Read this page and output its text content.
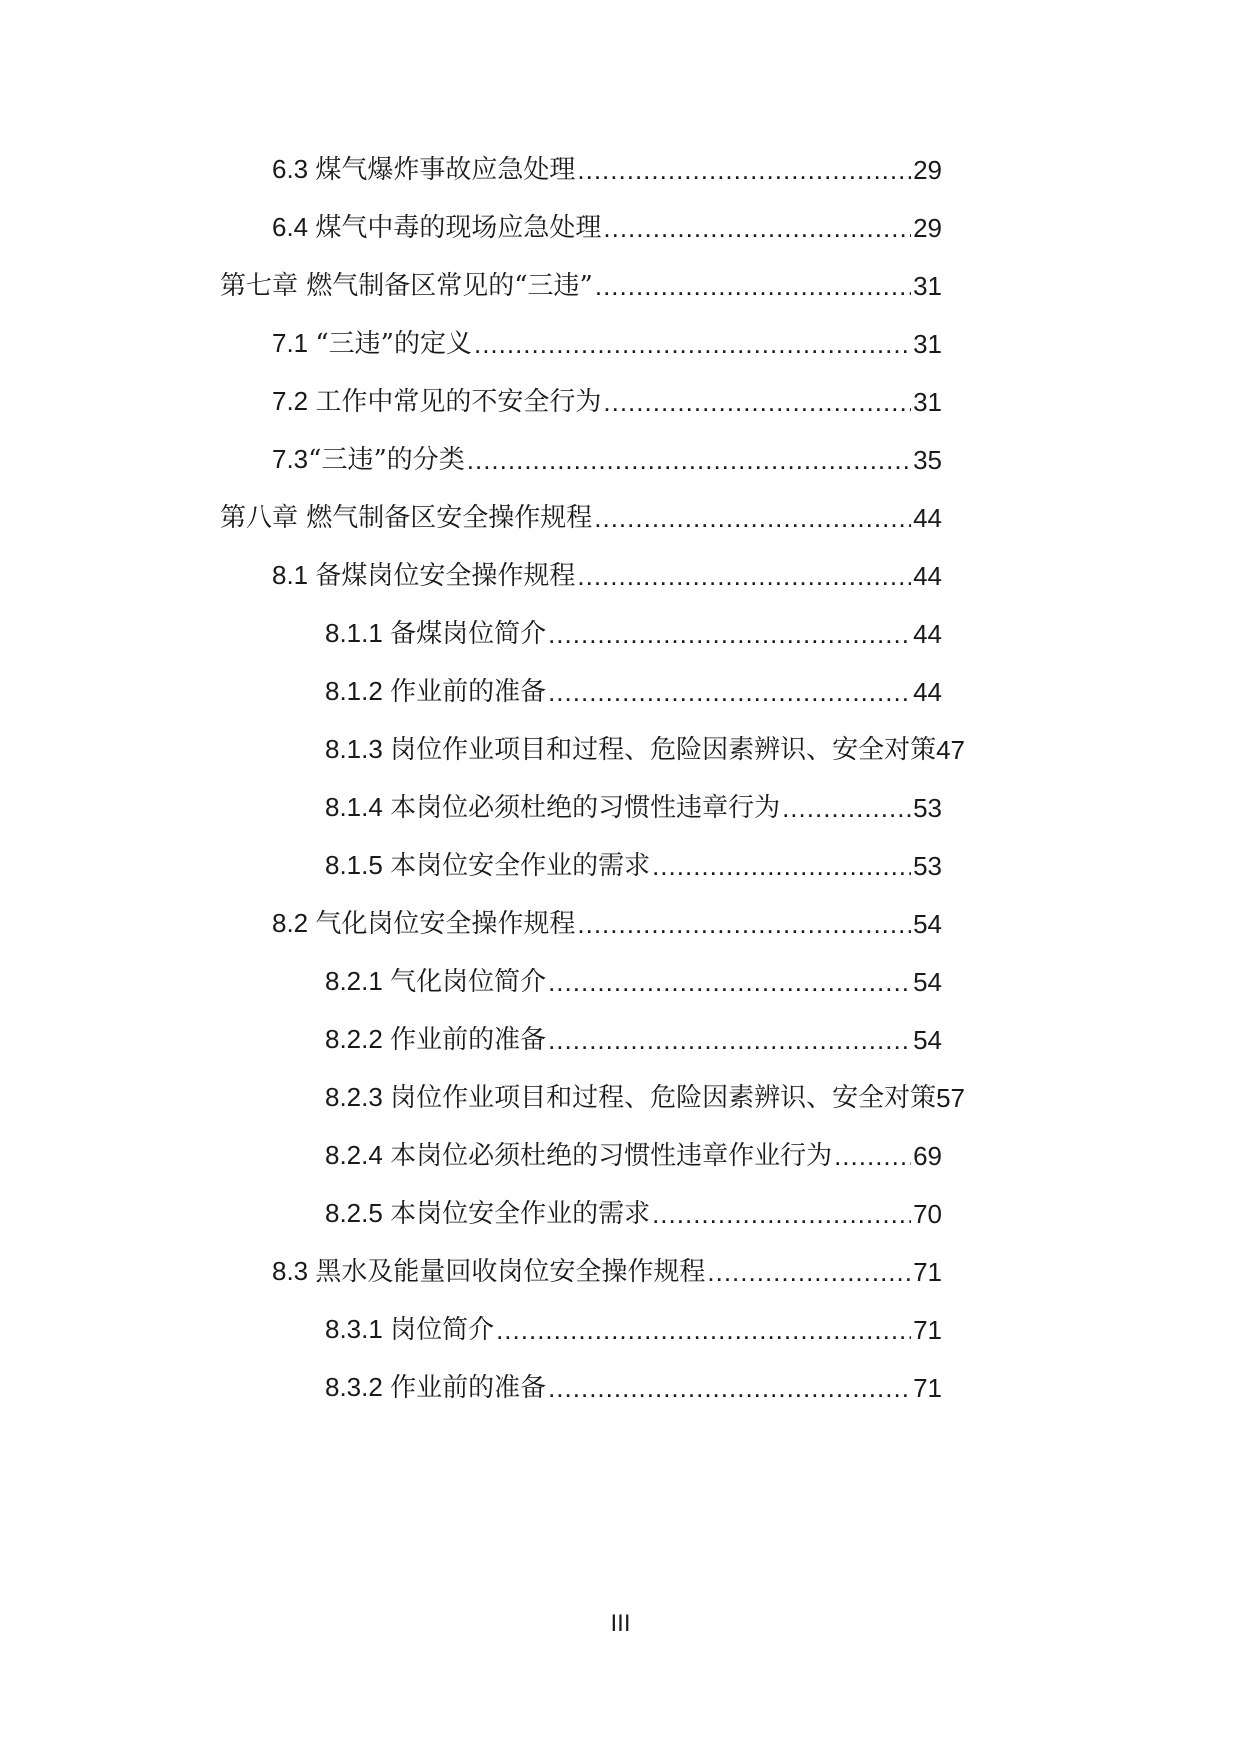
6.3 煤气爆炸事故应急处理 .....	29
6.4 煤气中毒的现场应急处理 .....	29
第七章 燃气制备区常见的“三违” .....	31
7.1 “三违”的定义 .....	31
7.2 工作中常见的不安全行为 .....	31
7.3“三违”的分类 .....	35
第八章 燃气制备区安全操作规程 .....	44
8.1 备煤岗位安全操作规程 .....	44
8.1.1 备煤岗位简介 .....	44
8.1.2 作业前的准备 .....	44
8.1.3 岗位作业项目和过程、危险因素辨识、安全对策 47
8.1.4 本岗位必须杜绝的习惯性违章行为 .....	53
8.1.5 本岗位安全作业的需求 .....	53
8.2 气化岗位安全操作规程 .....	54
8.2.1 气化岗位简介 .....	54
8.2.2 作业前的准备 .....	54
8.2.3 岗位作业项目和过程、危险因素辨识、安全对策 57
8.2.4 本岗位必须杜绝的习惯性违章作业行为 .....	69
8.2.5 本岗位安全作业的需求 .....	70
8.3 黑水及能量回收岗位安全操作规程 .....	71
8.3.1 岗位简介 .....	71
8.3.2 作业前的准备 .....	71
III
